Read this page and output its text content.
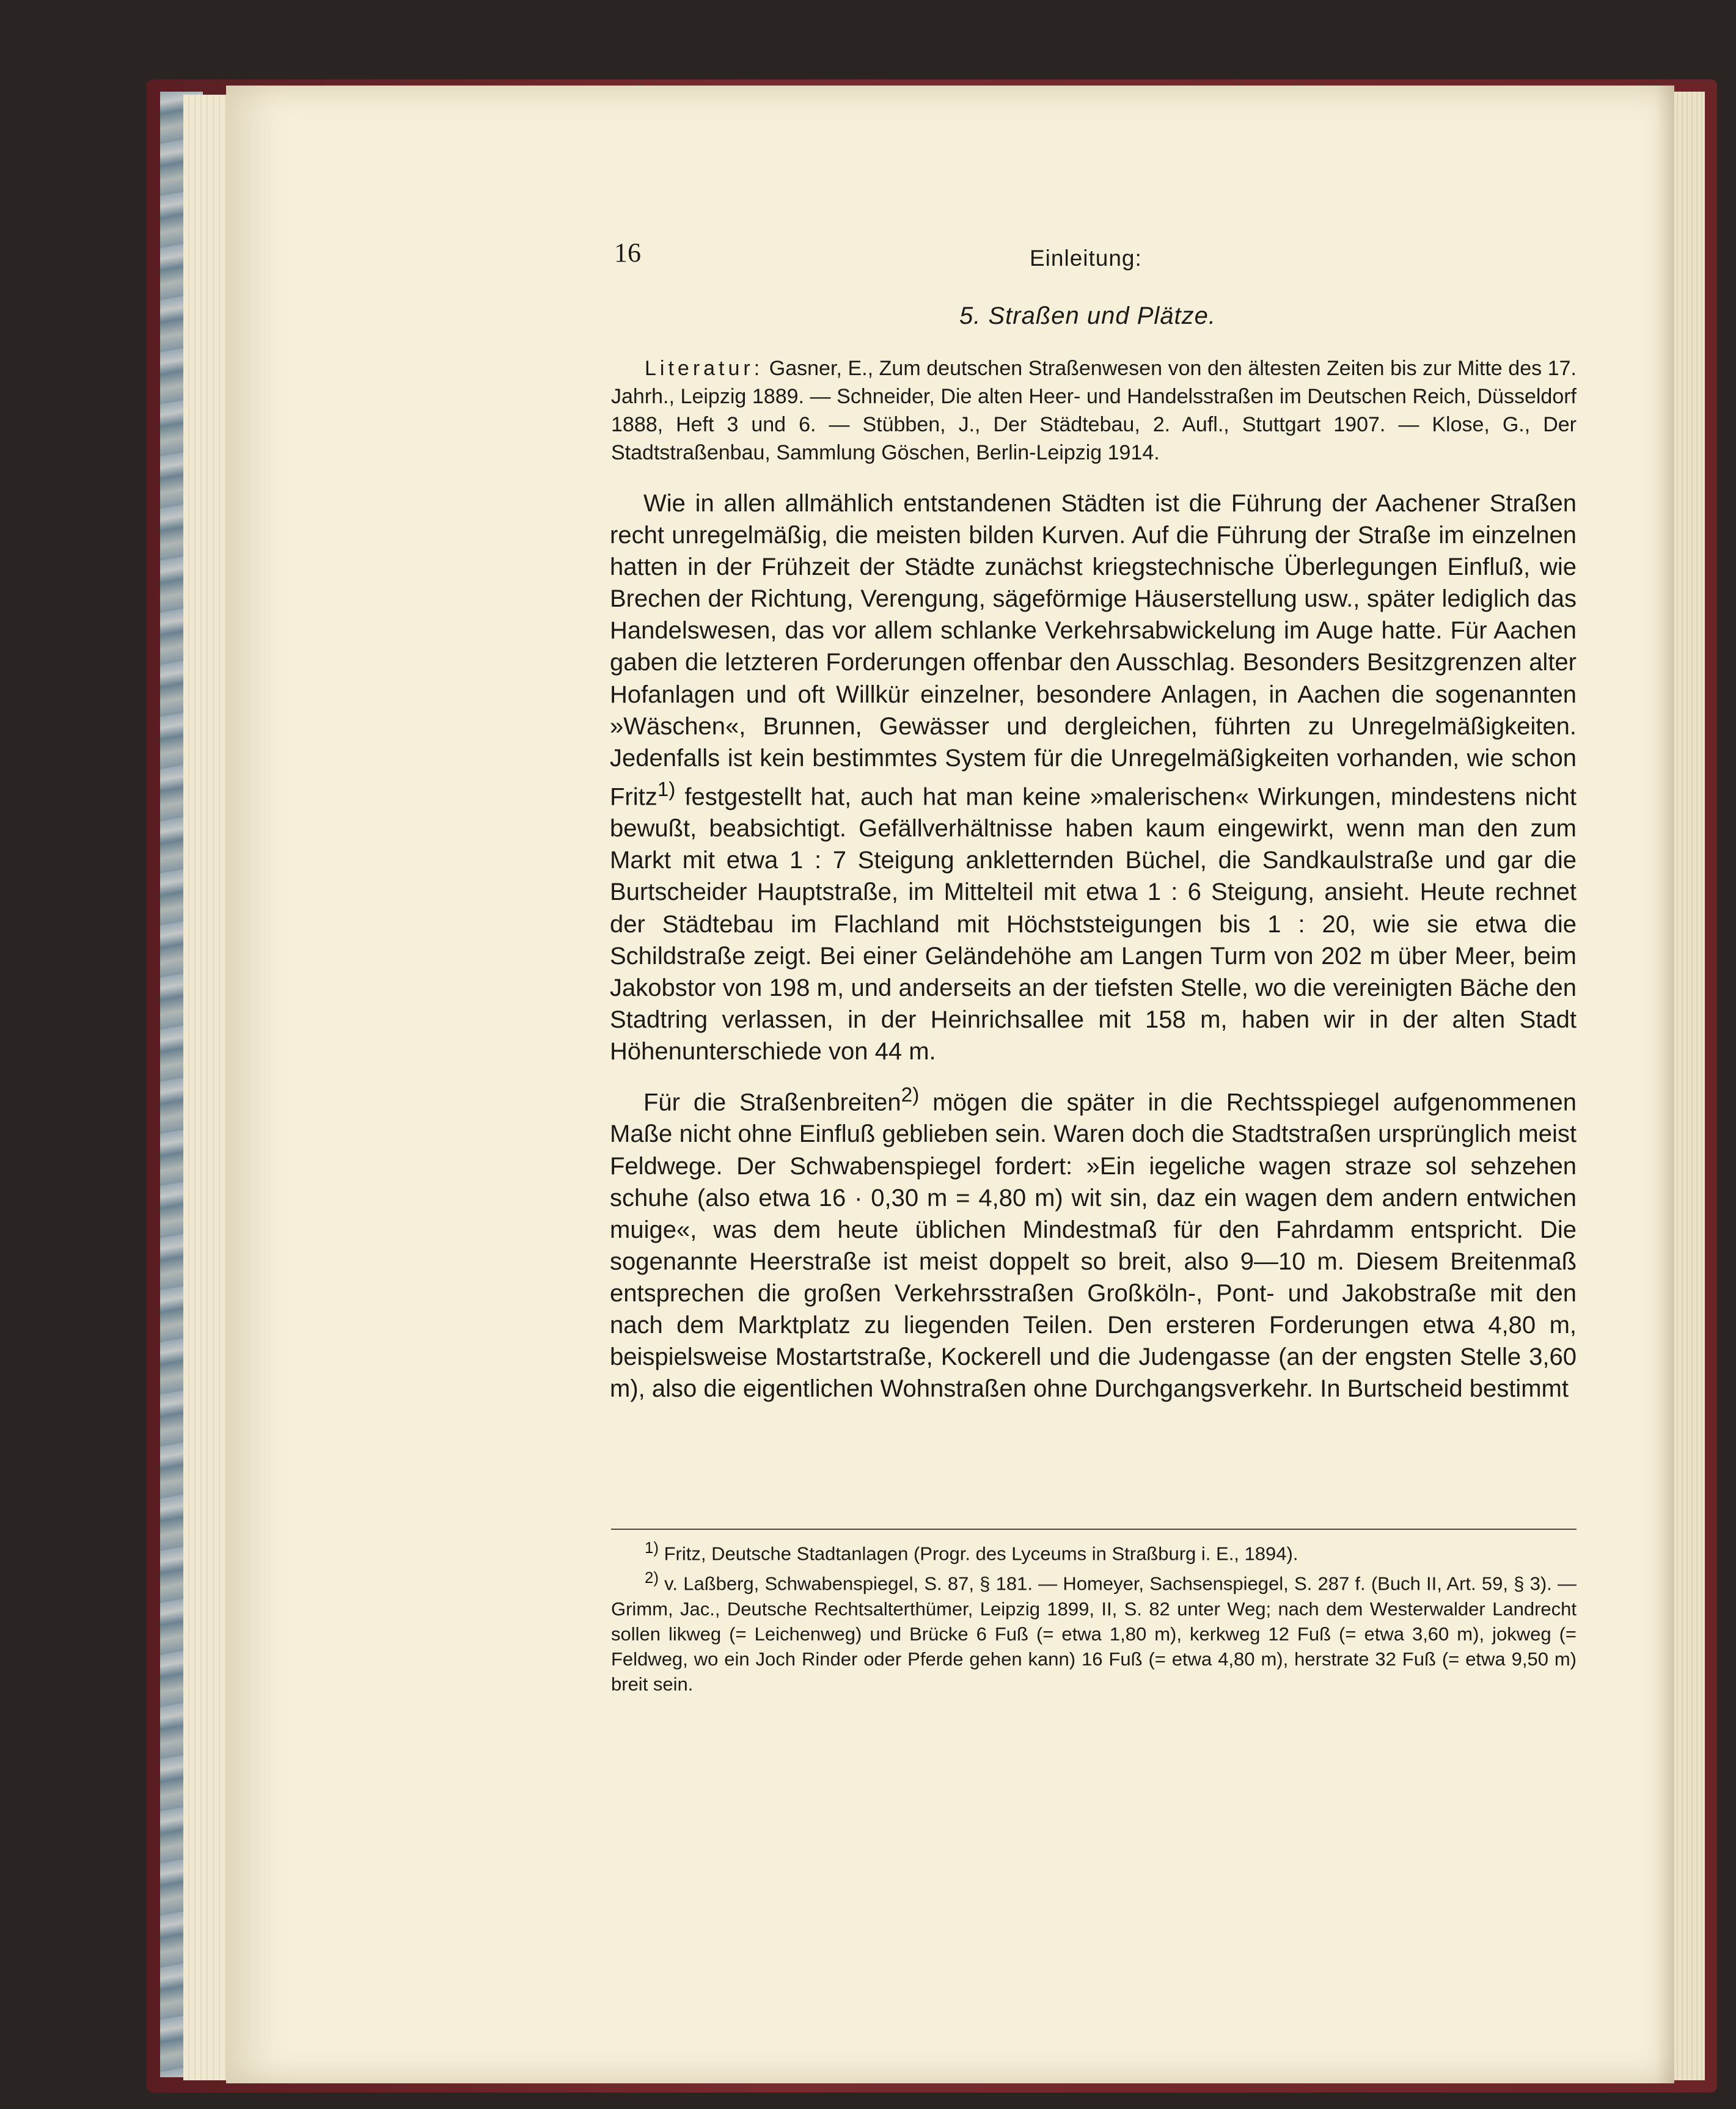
16	Einleitung:
5. Straßen und Plätze.

Literatur: Gasner, E., Zum deutschen Straßenwesen von den ältesten Zeiten bis zur Mitte des 17. Jahrh., Leipzig 1889. — Schneider, Die alten Heer- und Handelsstraßen im Deutschen Reich, Düsseldorf 1888, Heft 3 und 6. — Stübben, J., Der Städtebau, 2. Aufl., Stuttgart 1907. — Klose, G., Der Stadtstraßenbau, Sammlung Göschen, Berlin-Leipzig 1914.

Wie in allen allmählich entstandenen Städten ist die Führung der Aachener Straßen recht unregelmäßig, die meisten bilden Kurven. Auf die Führung der Straße im einzelnen hatten in der Frühzeit der Städte zunächst kriegstechnische Überlegungen Einfluß, wie Brechen der Richtung, Verengung, sägeförmige Häuserstellung usw., später lediglich das Handelswesen, das vor allem schlanke Verkehrsabwickelung im Auge hatte. Für Aachen gaben die letzteren Forderungen offenbar den Ausschlag. Besonders Besitzgrenzen alter Hofanlagen und oft Willkür einzelner, besondere Anlagen, in Aachen die sogenannten »Wäschen«, Brunnen, Gewässer und dergleichen, führten zu Unregelmäßigkeiten. Jedenfalls ist kein bestimmtes System für die Unregelmäßigkeiten vorhanden, wie schon Fritz$^{1)}$ festgestellt hat, auch hat man keine »malerischen« Wirkungen, mindestens nicht bewußt, beabsichtigt. Gefällverhältnisse haben kaum eingewirkt, wenn man den zum Markt mit etwa 1 : 7 Steigung ankletternden Büchel, die Sandkaulstraße und gar die Burtscheider Hauptstraße, im Mittelteil mit etwa 1 : 6 Steigung, ansieht. Heute rechnet der Städtebau im Flachland mit Höchststeigungen bis 1 : 20, wie sie etwa die Schildstraße zeigt. Bei einer Geländehöhe am Langen Turm von 202 m über Meer, beim Jakobstor von 198 m, und anderseits an der tiefsten Stelle, wo die vereinigten Bäche den Stadtring verlassen, in der Heinrichsallee mit 158 m, haben wir in der alten Stadt Höhenunterschiede von 44 m.

Für die Straßenbreiten$^{2)}$ mögen die später in die Rechtsspiegel aufgenommenen Maße nicht ohne Einfluß geblieben sein. Waren doch die Stadtstraßen ursprünglich meist Feldwege. Der Schwabenspiegel fordert: »Ein iegeliche wagen straze sol sehzehen schuhe (also etwa 16 · 0,30 m = 4,80 m) wit sin, daz ein wagen dem andern entwichen muige«, was dem heute üblichen Mindestmaß für den Fahrdamm entspricht. Die sogenannte Heerstraße ist meist doppelt so breit, also 9—10 m. Diesem Breitenmaß entsprechen die großen Verkehrsstraßen Großköln-, Pont- und Jakobstraße mit den nach dem Marktplatz zu liegenden Teilen. Den ersteren Forderungen etwa 4,80 m, beispielsweise Mostartstraße, Kockerell und die Judengasse (an der engsten Stelle 3,60 m), also die eigentlichen Wohnstraßen ohne Durchgangsverkehr. In Burtscheid bestimmt

$^{1)}$ Fritz, Deutsche Stadtanlagen (Progr. des Lyceums in Straßburg i. E., 1894).

$^{2)}$ v. Laßberg, Schwabenspiegel, S. 87, § 181. — Homeyer, Sachsenspiegel, S. 287 f. (Buch II, Art. 59, § 3). — Grimm, Jac., Deutsche Rechtsalterthümer, Leipzig 1899, II, S. 82 unter Weg; nach dem Westerwalder Landrecht sollen likweg (= Leichenweg) und Brücke 6 Fuß (= etwa 1,80 m), kerkweg 12 Fuß (= etwa 3,60 m), jokweg (= Feldweg, wo ein Joch Rinder oder Pferde gehen kann) 16 Fuß (= etwa 4,80 m), herstrate 32 Fuß (= etwa 9,50 m) breit sein.
